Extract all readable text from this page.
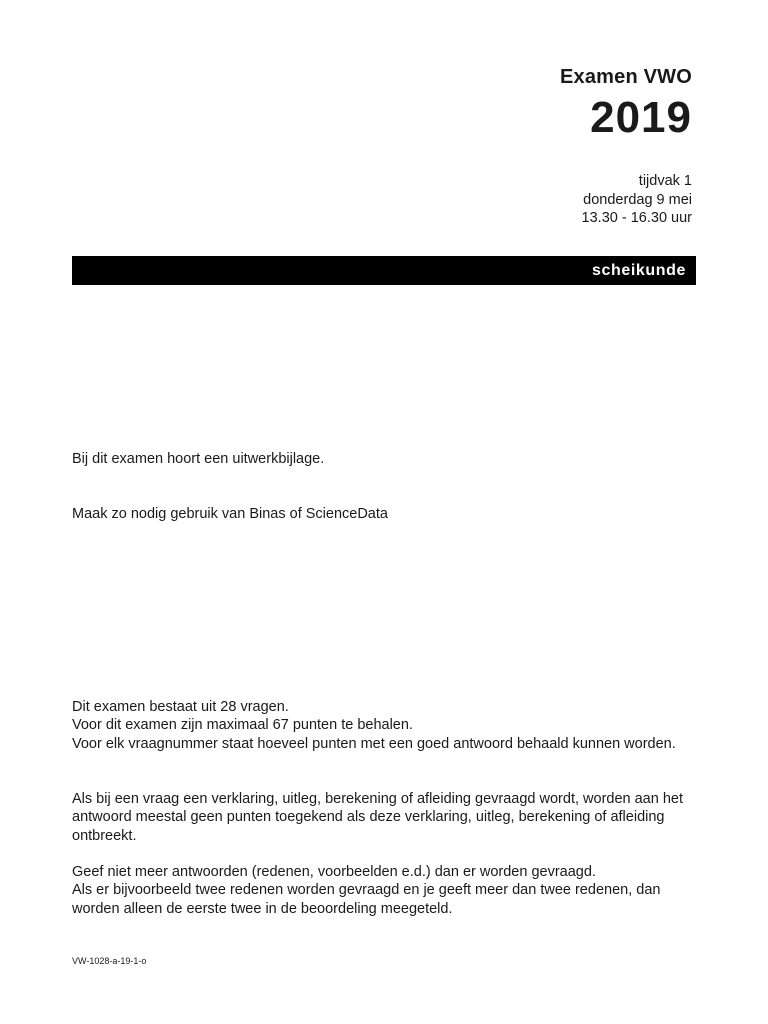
Examen VWO
2019
tijdvak 1
donderdag 9 mei
13.30 - 16.30 uur
scheikunde

Bij dit examen hoort een uitwerkbijlage.

Maak zo nodig gebruik van Binas of ScienceData

Dit examen bestaat uit 28 vragen.

Voor dit examen zijn maximaal 67 punten te behalen.

Voor elk vraagnummer staat hoeveel punten met een goed antwoord behaald kunnen worden.

Als bij een vraag een verklaring, uitleg, berekening of afleiding gevraagd wordt, worden aan het antwoord meestal geen punten toegekend als deze verklaring, uitleg, berekening of afleiding ontbreekt.

Geef niet meer antwoorden (redenen, voorbeelden e.d.) dan er worden gevraagd.

Als er bijvoorbeeld twee redenen worden gevraagd en je geeft meer dan twee redenen, dan worden alleen de eerste twee in de beoordeling meegeteld.

VW-1028-a-19-1-o
